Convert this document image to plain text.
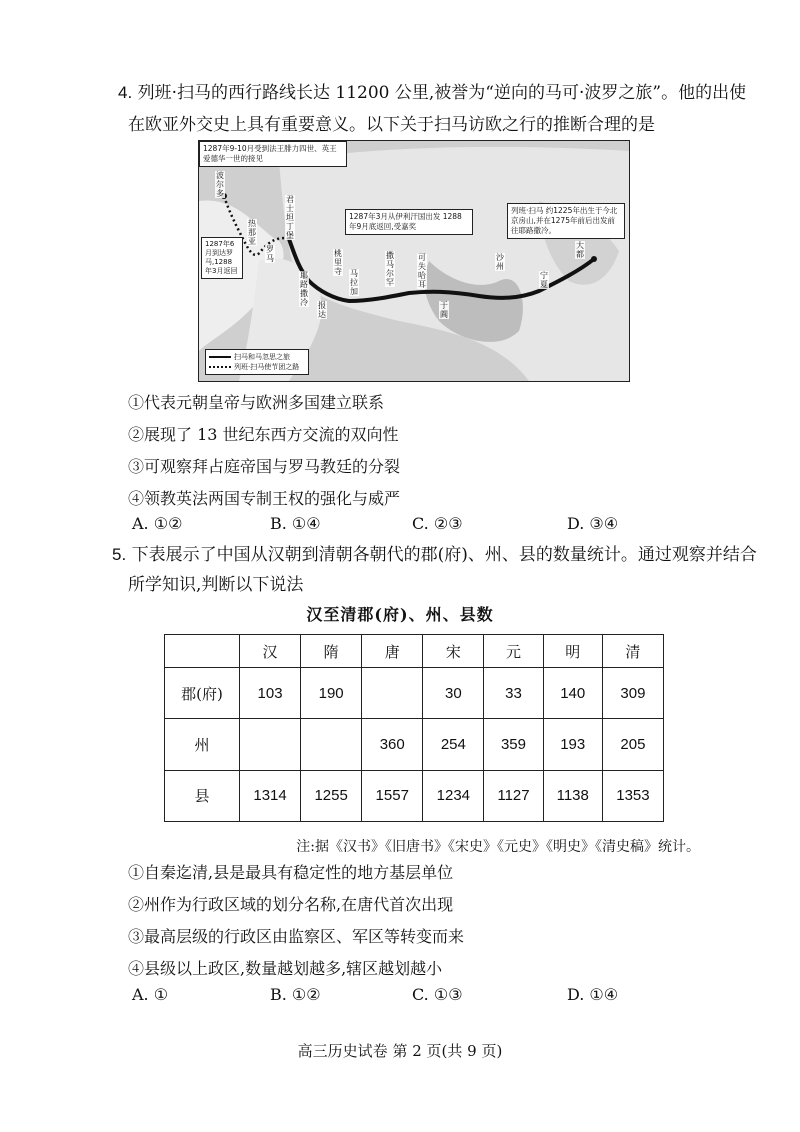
4. 列班·扫马的西行路线长达 11200 公里,被誉为“逆向的马可·波罗之旅”。他的出使
在欧亚外交史上具有重要意义。以下关于扫马访欧之行的推断合理的是
1287年9-10月受到法王腓力四世、英王爱德华一世的接见
1287年3月从伊利汗国出发 1288年9月底返回,受嘉奖
列班·扫马 约1225年出生于今北京房山,并在1275年前后出发前往耶路撒冷。
1287年6月到达罗马,1288年3月返回
波尔多
热那亚
罗马
君士坦丁堡
耶路撒冷 报达
桃里寺 马拉加
撒马尔罕
可失哈耳
于阗
沙州
大都
宁夏
扫马和马忽思之旅
列班·扫马使节团之路
①代表元朝皇帝与欧洲多国建立联系
②展现了 13 世纪东西方交流的双向性
③可观察拜占庭帝国与罗马教廷的分裂
④领教英法两国专制王权的强化与威严
A. ①②	B. ①④	C. ②③	D. ③④
5. 下表展示了中国从汉朝到清朝各朝代的郡(府)、州、县的数量统计。通过观察并结合
所学知识,判断以下说法
汉至清郡(府)、州、县数
	汉	隋	唐	宋	元	明	清
郡(府)	103	190		30	33	140	309
州			360	254	359	193	205
县	1314	1255	1557	1234	1127	1138	1353
注:据《汉书》《旧唐书》《宋史》《元史》《明史》《清史稿》统计。
①自秦迄清,县是最具有稳定性的地方基层单位
②州作为行政区域的划分名称,在唐代首次出现
③最高层级的行政区由监察区、军区等转变而来
④县级以上政区,数量越划越多,辖区越划越小
A. ①	B. ①②	C. ①③	D. ①④
高三历史试卷 第 2 页(共 9 页)
